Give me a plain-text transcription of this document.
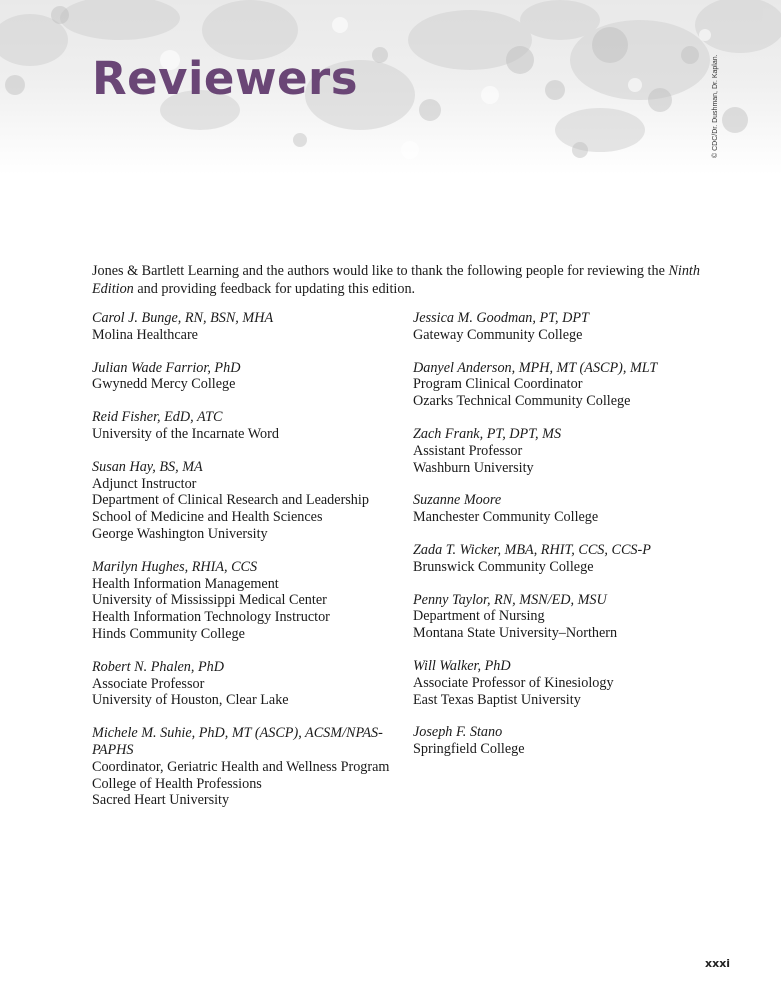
Reviewers	© CDC/Dr. Dushman, Dr. Kaplan.

Jones & Bartlett Learning and the authors would like to thank the following people for reviewing the Ninth Edition and providing feedback for updating this edition.

Carol J. Bunge, RN, BSN, MHA
Molina Healthcare
Julian Wade Farrior, PhD
Gwynedd Mercy College
Reid Fisher, EdD, ATC
University of the Incarnate Word
Susan Hay, BS, MA
Adjunct Instructor
Department of Clinical Research and Leadership
School of Medicine and Health Sciences
George Washington University
Marilyn Hughes, RHIA, CCS
Health Information Management
University of Mississippi Medical Center
Health Information Technology Instructor
Hinds Community College
Robert N. Phalen, PhD
Associate Professor
University of Houston, Clear Lake
Michele M. Suhie, PhD, MT (ASCP), ACSM/NPAS-PAPHS
Coordinator, Geriatric Health and Wellness Program
College of Health Professions
Sacred Heart University
Jessica M. Goodman, PT, DPT
Gateway Community College
Danyel Anderson, MPH, MT (ASCP), MLT
Program Clinical Coordinator
Ozarks Technical Community College
Zach Frank, PT, DPT, MS
Assistant Professor
Washburn University
Suzanne Moore
Manchester Community College
Zada T. Wicker, MBA, RHIT, CCS, CCS-P
Brunswick Community College
Penny Taylor, RN, MSN/ED, MSU
Department of Nursing
Montana State University–Northern
Will Walker, PhD
Associate Professor of Kinesiology
East Texas Baptist University
Joseph F. Stano
Springfield College
xxxi
